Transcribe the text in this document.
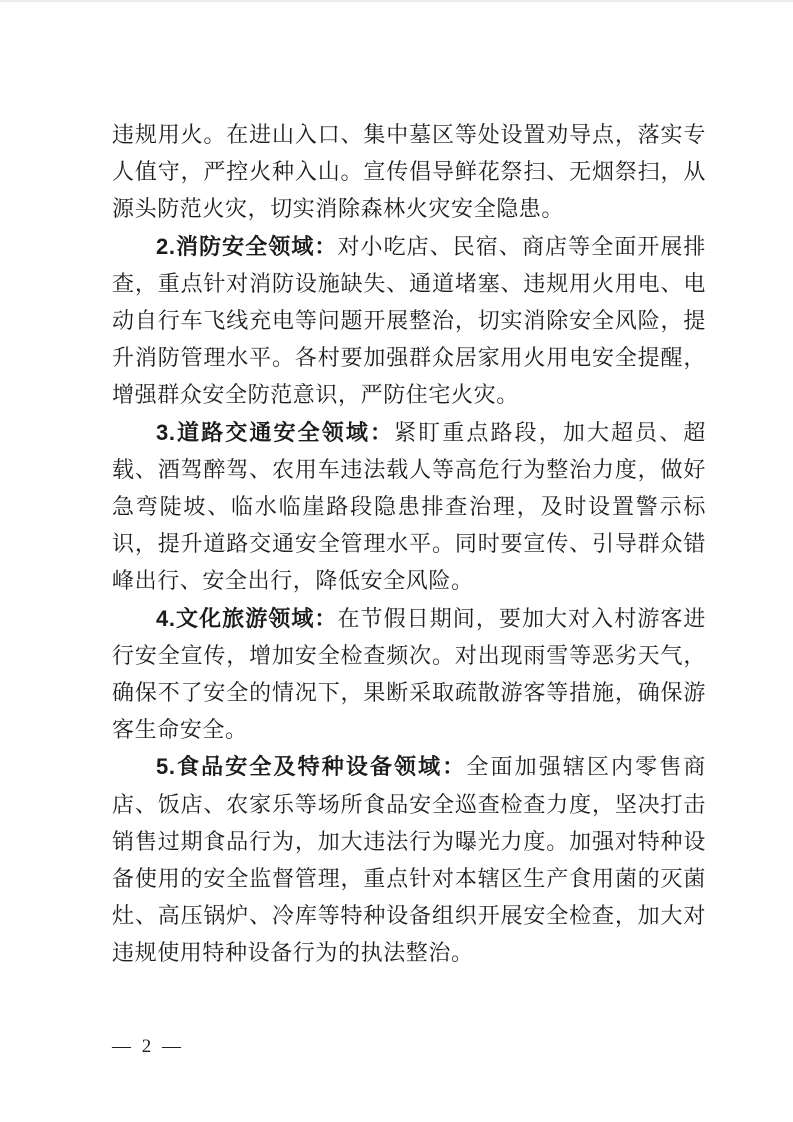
违规用火。在进山入口、集中墓区等处设置劝导点，落实专人值守，严控火种入山。宣传倡导鲜花祭扫、无烟祭扫，从源头防范火灾，切实消除森林火灾安全隐患。

2.消防安全领域：对小吃店、民宿、商店等全面开展排查，重点针对消防设施缺失、通道堵塞、违规用火用电、电动自行车飞线充电等问题开展整治，切实消除安全风险，提升消防管理水平。各村要加强群众居家用火用电安全提醒，增强群众安全防范意识，严防住宅火灾。

3.道路交通安全领域：紧盯重点路段，加大超员、超载、酒驾醉驾、农用车违法载人等高危行为整治力度，做好急弯陡坡、临水临崖路段隐患排查治理，及时设置警示标识，提升道路交通安全管理水平。同时要宣传、引导群众错峰出行、安全出行，降低安全风险。

4.文化旅游领域：在节假日期间，要加大对入村游客进行安全宣传，增加安全检查频次。对出现雨雪等恶劣天气，确保不了安全的情况下，果断采取疏散游客等措施，确保游客生命安全。

5.食品安全及特种设备领域：全面加强辖区内零售商店、饭店、农家乐等场所食品安全巡查检查力度，坚决打击销售过期食品行为，加大违法行为曝光力度。加强对特种设备使用的安全监督管理，重点针对本辖区生产食用菌的灭菌灶、高压锅炉、冷库等特种设备组织开展安全检查，加大对违规使用特种设备行为的执法整治。

— 2 —
